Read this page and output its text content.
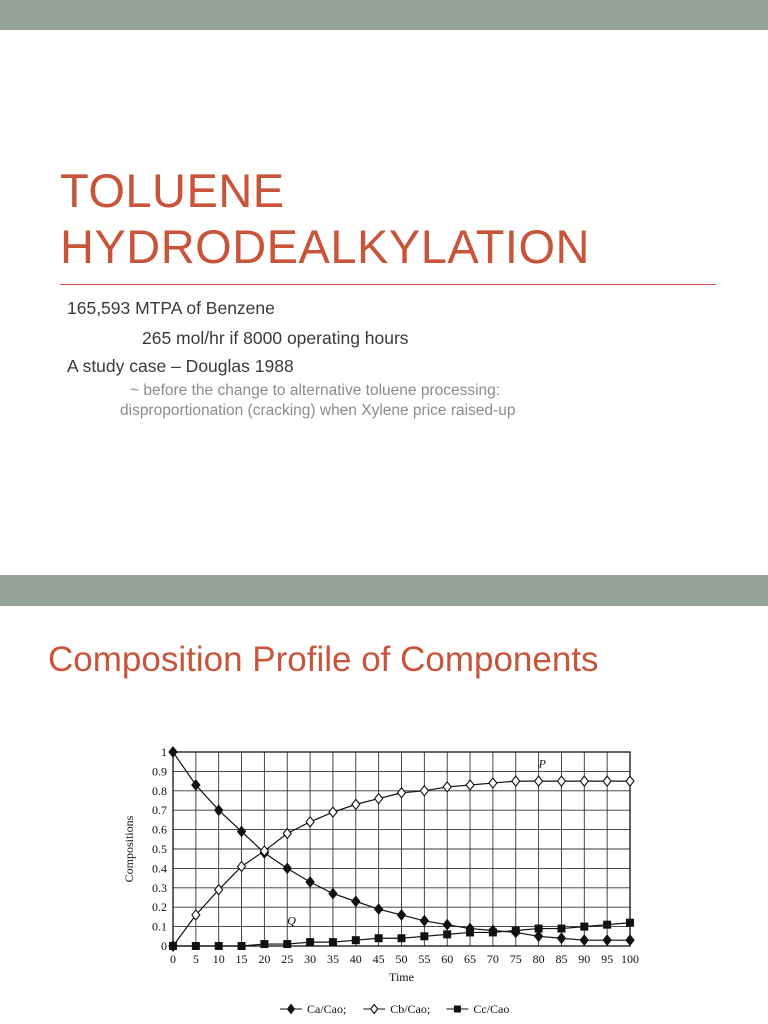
TOLUENE
HYDRODEALKYLATION
165,593 MTPA of Benzene
265 mol/hr if 8000 operating hours
A study case – Douglas 1988
~ before the change to alternative toluene processing:
disproportionation (cracking) when Xylene price raised-up
Composition Profile of Components
0
0.1
0.2
0.3
0.4
0.5
0.6
0.7
0.8
0.9
1
0 5 10 15 20 25 30 35 40 45 50 55 60 65 70 75 80 85 90 95 100
Time
Compositions
P
Q
Ca/Cao;	Cb/Cao;	Cc/Cao
